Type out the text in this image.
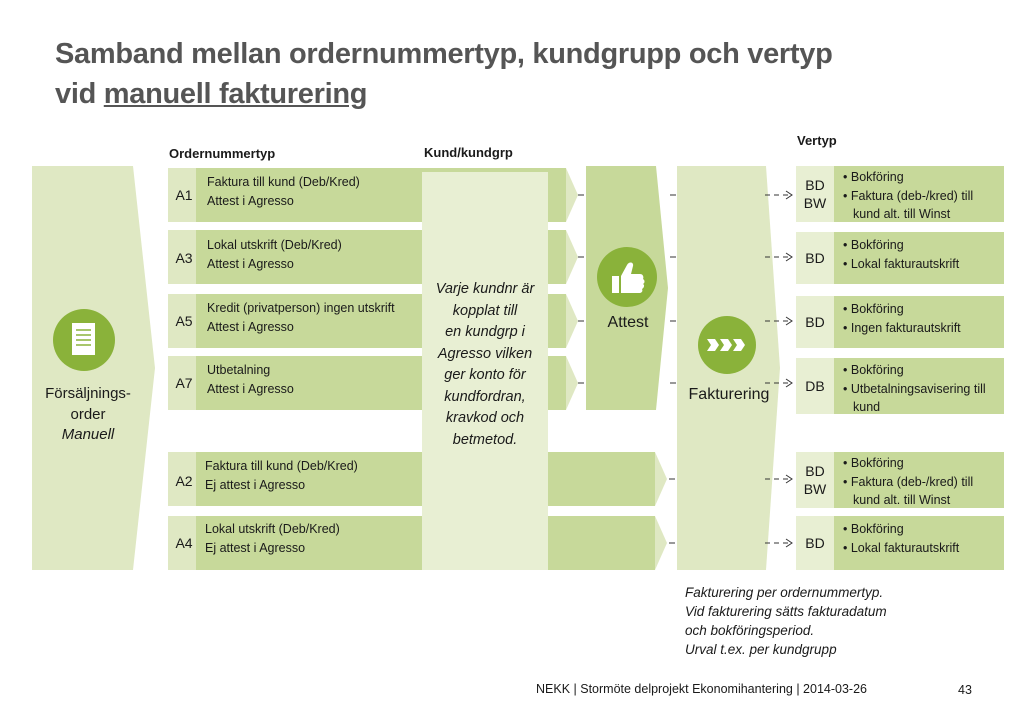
Samband mellan ordernummertyp, kundgrupp och vertyp
vid manuell fakturering
Ordernummertyp	Kund/kundgrp
Vertyp
Försäljnings-
order
Manuell
A1
Faktura till kund (Deb/Kred)
Attest i Agresso
A3
Lokal utskrift (Deb/Kred)
Attest i Agresso
A5
Kredit (privatperson) ingen utskrift
Attest i Agresso
A7
Utbetalning
Attest i Agresso
A2
Faktura till kund (Deb/Kred)
Ej attest i Agresso
A4
Lokal utskrift (Deb/Kred)
Ej attest i Agresso
Varje kundnr är
kopplat till
en kundgrp i
Agresso vilken
ger konto för
kundfordran,
kravkod och
betmetod.
Attest
Fakturering
BD
BW
BD
BD
DB
BD
BW
BD
• Bokföring
• Faktura (deb-/kred) till kund alt. till Winst
• Bokföring
• Lokal fakturautskrift
• Bokföring
• Ingen fakturautskrift
• Bokföring
• Utbetalningsavisering till kund
• Bokföring
• Faktura (deb-/kred) till kund alt. till Winst
• Bokföring
• Lokal fakturautskrift
Fakturering per ordernummertyp.
Vid fakturering sätts fakturadatum
och bokföringsperiod.
Urval t.ex. per kundgrupp
NEKK | Stormöte delprojekt Ekonomihantering | 2014-03-26	43
